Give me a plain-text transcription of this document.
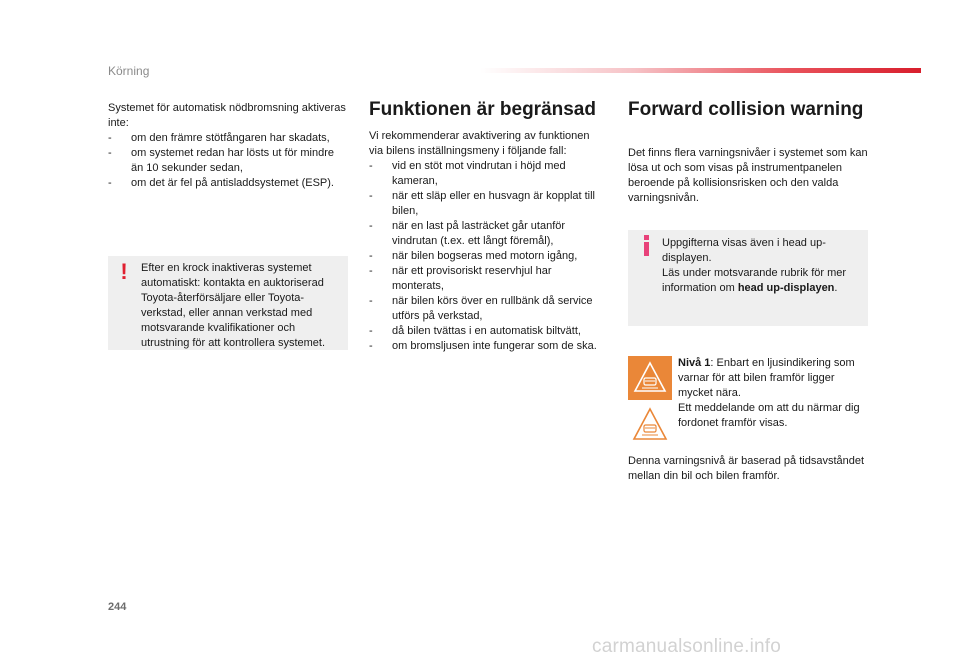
Körning

Systemet för automatisk nödbromsning aktiveras inte:

- om den främre stötfångaren har skadats,
- om systemet redan har lösts ut för mindre än 10 sekunder sedan,
- om det är fel på antisladdsystemet (ESP).
! Efter en krock inaktiveras systemet automatiskt: kontakta en auktoriserad Toyota-återförsäljare eller Toyota-verkstad, eller annan verkstad med motsvarande kvalifikationer och utrustning för att kontrollera systemet.

Funktionen är begränsad

Vi rekommenderar avaktivering av funktionen via bilens inställningsmeny i följande fall:

- vid en stöt mot vindrutan i höjd med kameran,
- när ett släp eller en husvagn är kopplat till bilen,
- när en last på lasträcket går utanför vindrutan (t.ex. ett långt föremål),
- när bilen bogseras med motorn igång,
- när ett provisoriskt reservhjul har monterats,
- när bilen körs över en rullbänk då service utförs på verkstad,
- då bilen tvättas i en automatisk biltvätt,
- om bromsljusen inte fungerar som de ska.

Forward collision warning

Det finns flera varningsnivåer i systemet som kan lösa ut och som visas på instrumentpanelen beroende på kollisionsrisken och den valda varningsnivån.

Uppgifterna visas även i head up-displayen.
Läs under motsvarande rubrik för mer information om head up-displayen.
Nivå 1: Enbart en ljusindikering som varnar för att bilen framför ligger mycket nära.
Ett meddelande om att du närmar dig fordonet framför visas.
Denna varningsnivå är baserad på tidsavståndet mellan din bil och bilen framför.
244
carmanualsonline.info
